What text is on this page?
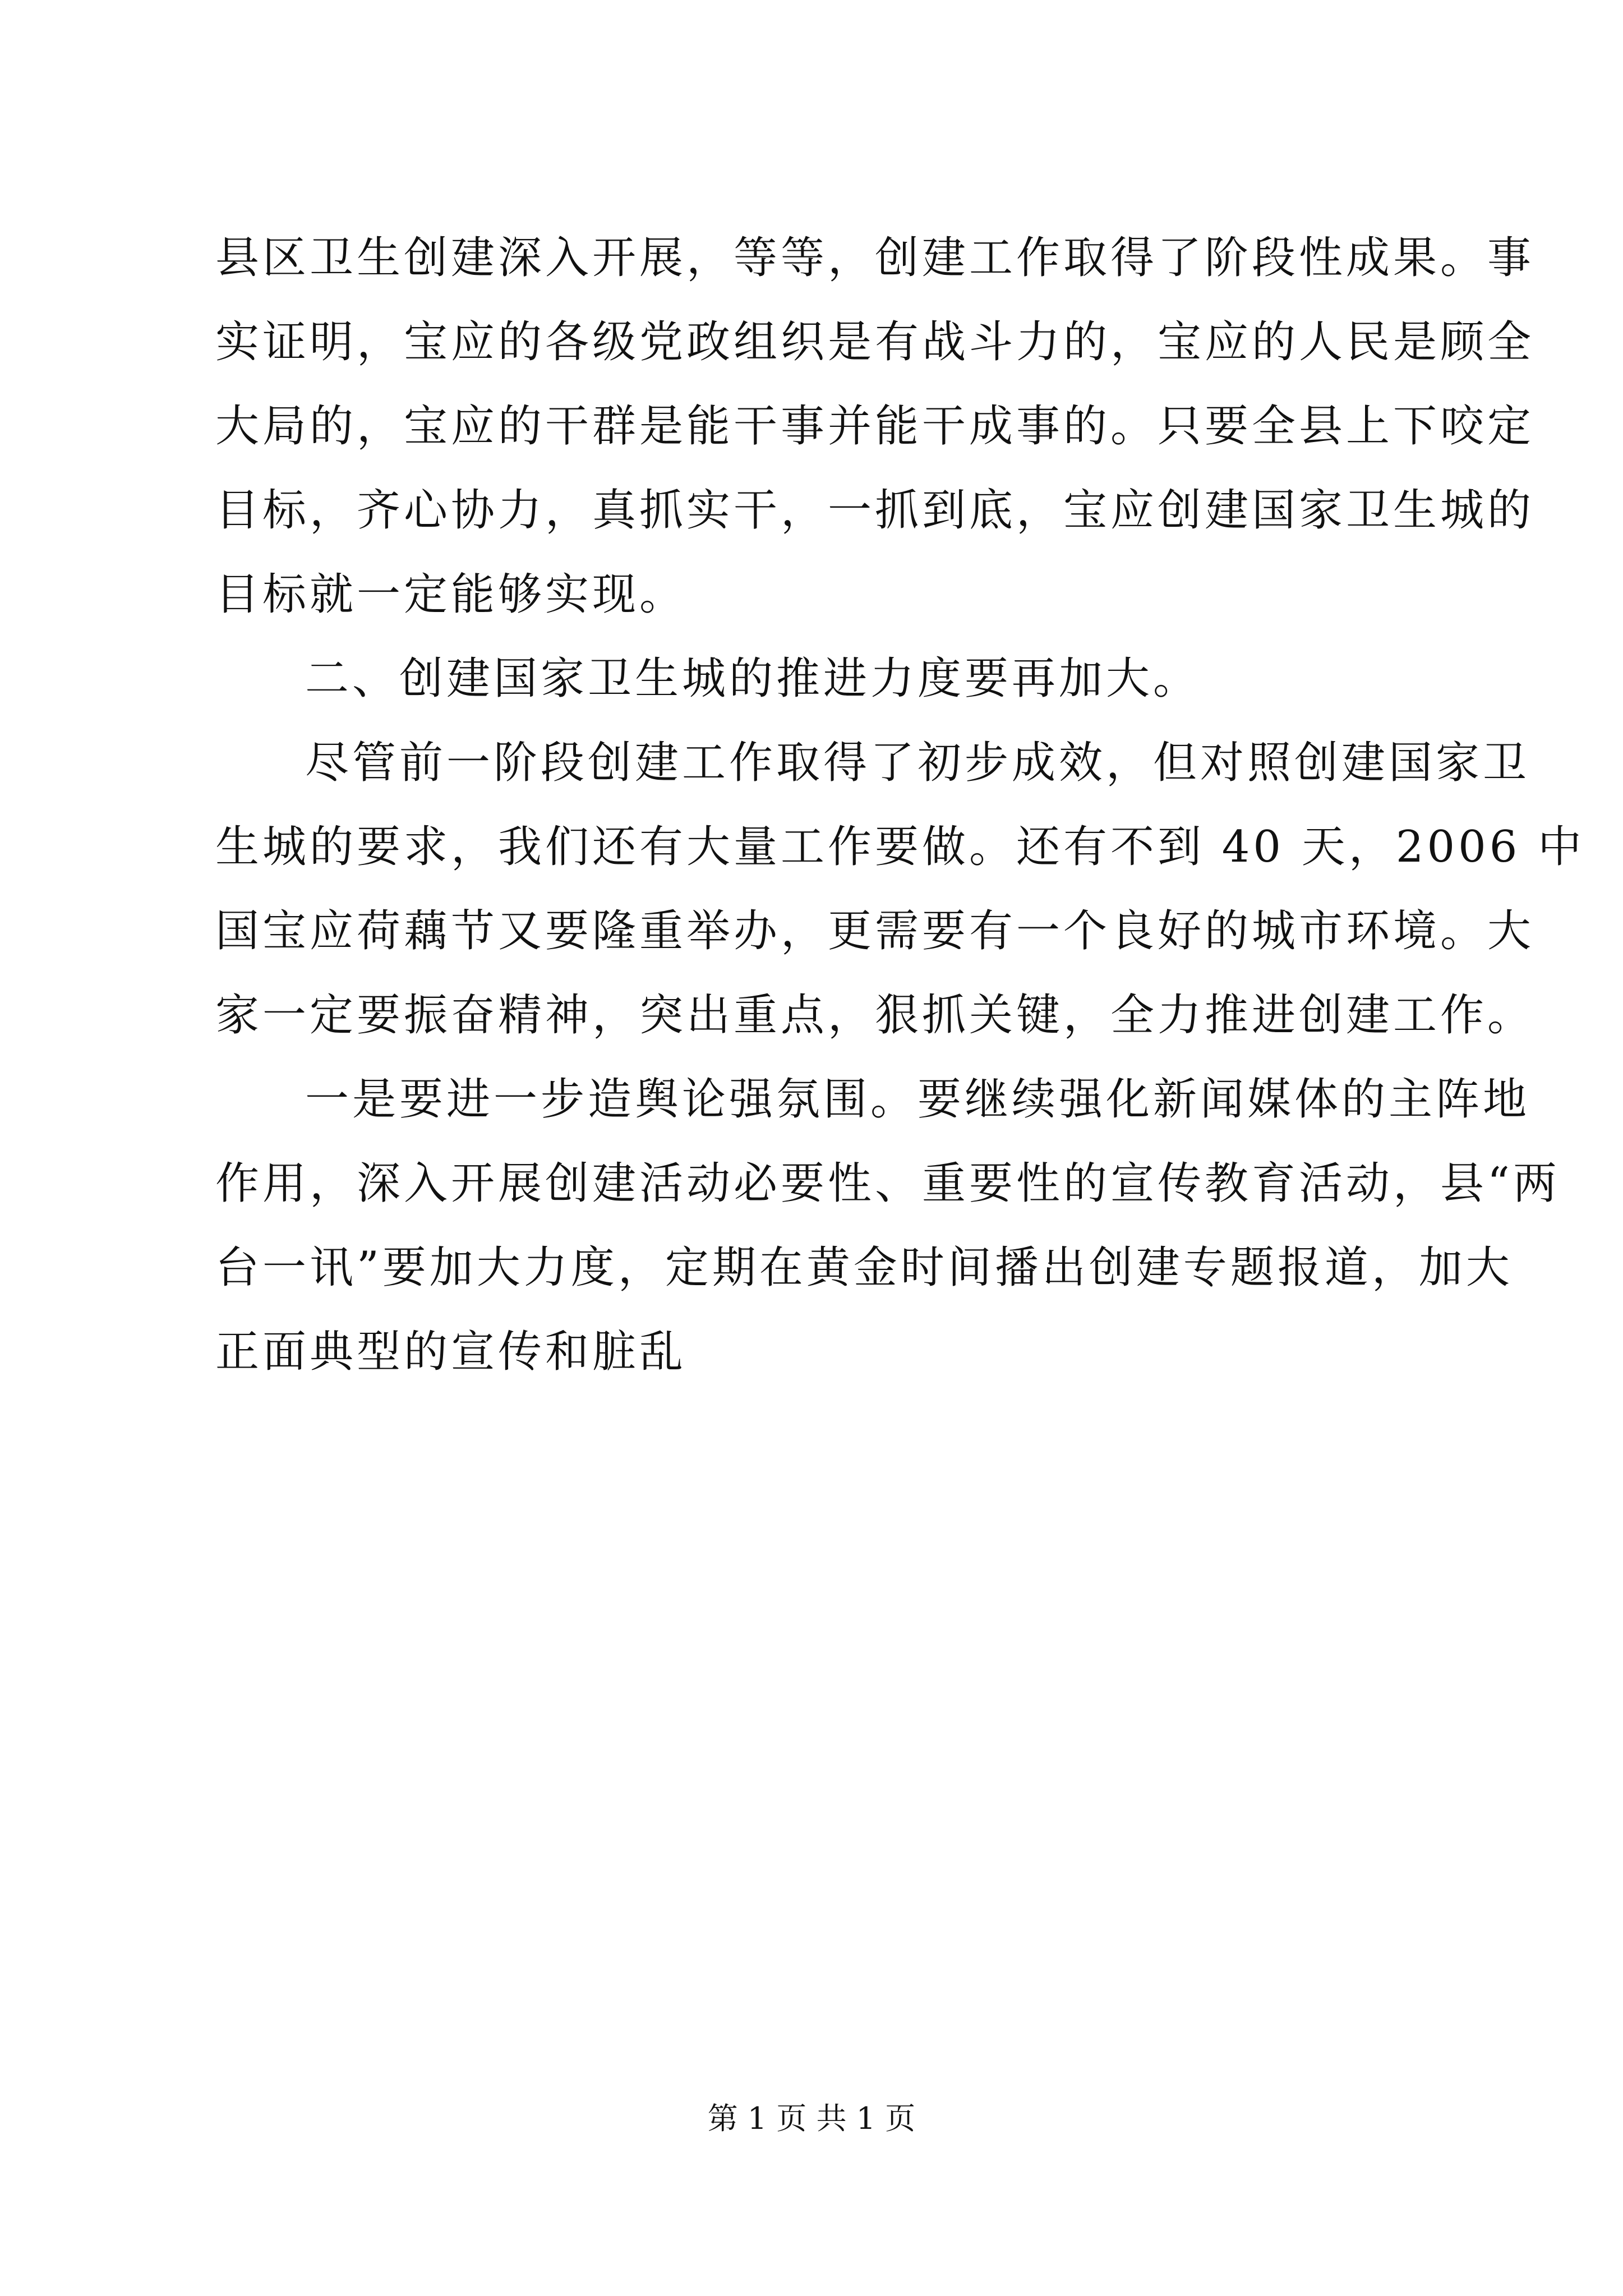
县区卫生创建深入开展，等等，创建工作取得了阶段性成果。事
实证明，宝应的各级党政组织是有战斗力的，宝应的人民是顾全
大局的，宝应的干群是能干事并能干成事的。只要全县上下咬定
目标，齐心协力，真抓实干，一抓到底，宝应创建国家卫生城的
目标就一定能够实现。
二、创建国家卫生城的推进力度要再加大。
尽管前一阶段创建工作取得了初步成效，但对照创建国家卫
生城的要求，我们还有大量工作要做。还有不到 40 天，2006 中
国宝应荷藕节又要隆重举办，更需要有一个良好的城市环境。大
家一定要振奋精神，突出重点，狠抓关键，全力推进创建工作。
一是要进一步造舆论强氛围。要继续强化新闻媒体的主阵地
作用，深入开展创建活动必要性、重要性的宣传教育活动，县“两
台一讯”要加大力度，定期在黄金时间播出创建专题报道，加大
正面典型的宣传和脏乱
第 1 页 共 1 页
